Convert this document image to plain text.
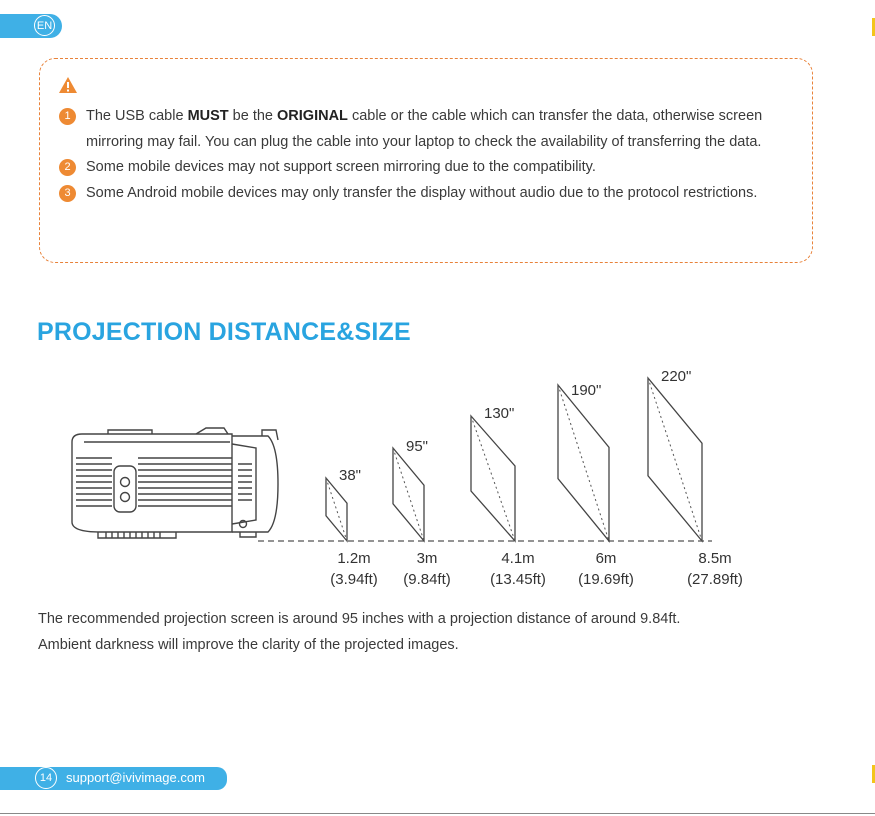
EN
1	The USB cable MUST be the ORIGINAL cable or the cable which can transfer the data, otherwise screen mirroring may fail. You can plug the cable into your laptop to check the availability of transferring the data.
2	Some mobile devices may not support screen mirroring due to the compatibility.
3	Some Android mobile devices may only transfer the display without audio due to the protocol restrictions.
PROJECTION DISTANCE&SIZE
38"
1.2m
(3.94ft)
95"
3m
(9.84ft)
130"
4.1m
(13.45ft)
190"
6m
(19.69ft)
220"
8.5m
(27.89ft)
The recommended projection screen is around 95 inches with a projection distance of around 9.84ft.
Ambient darkness will improve the clarity of the projected images.
14	support@ivivimage.com
